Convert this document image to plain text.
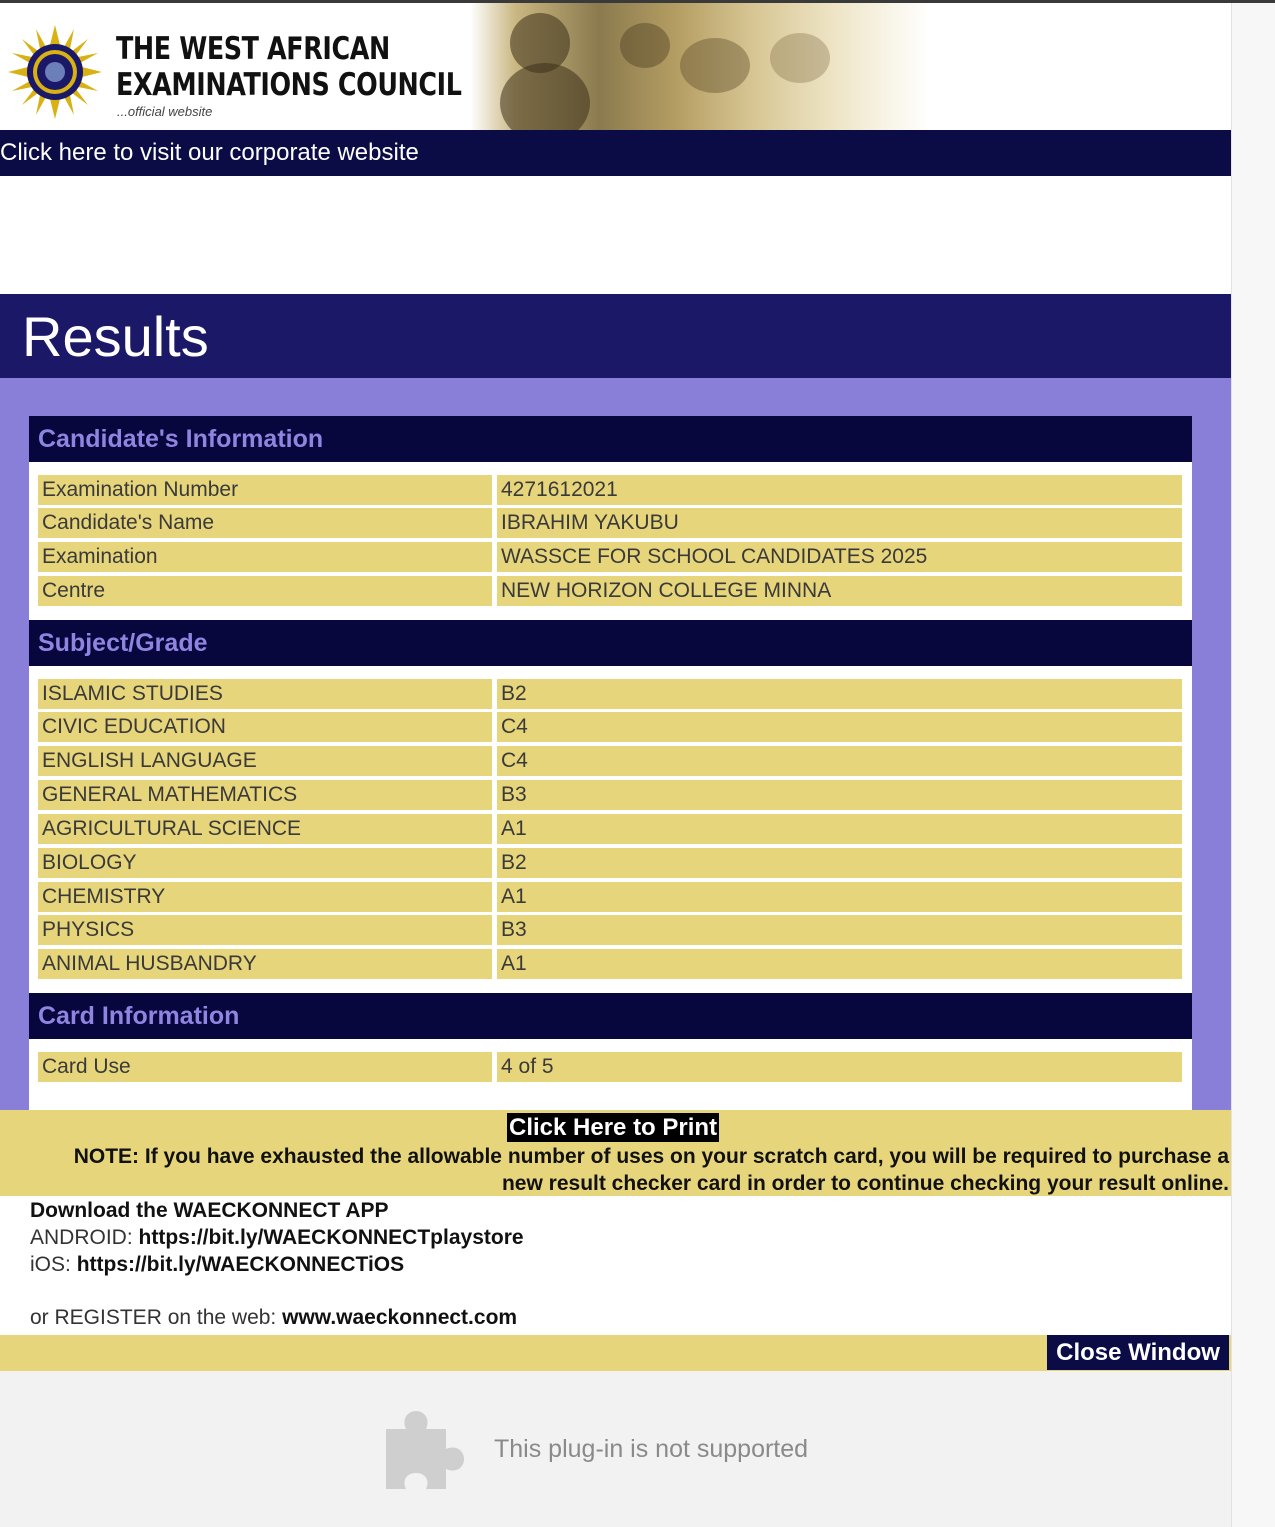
THE WEST AFRICAN
EXAMINATIONS COUNCIL
...official website
Click here to visit our corporate website
Results
Candidate's Information
Examination Number	4271612021
Candidate's Name	IBRAHIM YAKUBU
Examination	WASSCE FOR SCHOOL CANDIDATES 2025
Centre	NEW HORIZON COLLEGE MINNA
Subject/Grade
ISLAMIC STUDIES	B2
CIVIC EDUCATION	C4
ENGLISH LANGUAGE	C4
GENERAL MATHEMATICS	B3
AGRICULTURAL SCIENCE	A1
BIOLOGY	B2
CHEMISTRY	A1
PHYSICS	B3
ANIMAL HUSBANDRY	A1
Card Information
Card Use	4 of 5
Click Here to Print
NOTE: If you have exhausted the allowable number of uses on your scratch card, you will be required to purchase a new result checker card in order to continue checking your result online.
Download the WAECKONNECT APP
ANDROID: https://bit.ly/WAECKONNECTplaystore
iOS: https://bit.ly/WAECKONNECTiOS
or REGISTER on the web: www.waeckonnect.com
Close Window
This plug-in is not supported
